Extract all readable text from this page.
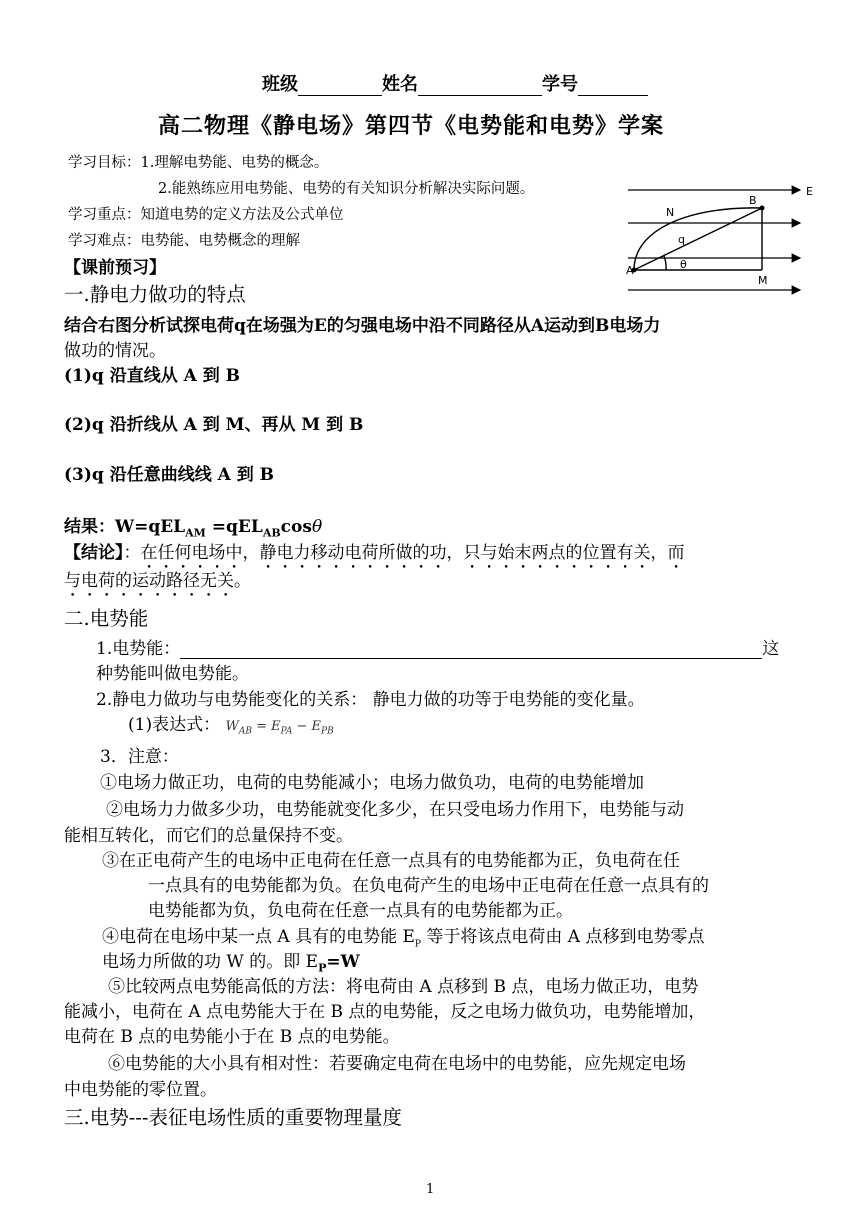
班级	姓名	学号
高二物理《静电场》第四节《电势能和电势》学案
学习目标：1.理解电势能、电势的概念。
2.能熟练应用电势能、电势的有关知识分析解决实际问题。
学习重点：知道电势的定义方法及公式单位
学习难点：电势能、电势概念的理解
【课前预习】
E
N
B
q
θ
A
M
一.静电力做功的特点
结合右图分析试探电荷q在场强为E的匀强电场中沿不同路径从A运动到B电场力
做功的情况。
(1)q 沿直线从 A 到 B
(2)q 沿折线从 A 到 M、再从 M 到 B
(3)q 沿任意曲线线 A 到 B
结果：W=qEL$_{AM}$ =qEL$_{AB}$cosθ
【结论】：在任何电场中，静电力移动电荷所做的功，只与始末两点的位置有关，而
与电荷的运动路径无关。
二.电势能
1.电势能：	这
种势能叫做电势能。
2.静电力做功与电势能变化的关系： 静电力做的功等于电势能的变化量。
(1)表达式： $W_{AB} = E_{PA} - E_{PB}$
3．注意：
①电场力做正功，电荷的电势能减小；电场力做负功，电荷的电势能增加
②电场力力做多少功，电势能就变化多少，在只受电场力作用下，电势能与动
能相互转化，而它们的总量保持不变。
③在正电荷产生的电场中正电荷在任意一点具有的电势能都为正，负电荷在任
一点具有的电势能都为负。在负电荷产生的电场中正电荷在任意一点具有的
电势能都为负，负电荷在任意一点具有的电势能都为正。
④电荷在电场中某一点 A 具有的电势能 $E_P$ 等于将该点电荷由 A 点移到电势零点
电场力所做的功 W 的。即 $E_P=W$
⑤比较两点电势能高低的方法：将电荷由 A 点移到 B 点，电场力做正功，电势
能减小，电荷在 A 点电势能大于在 B 点的电势能，反之电场力做负功，电势能增加，
电荷在 B 点的电势能小于在 B 点的电势能。
⑥电势能的大小具有相对性：若要确定电荷在电场中的电势能，应先规定电场
中电势能的零位置。
三.电势---表征电场性质的重要物理量度
1
